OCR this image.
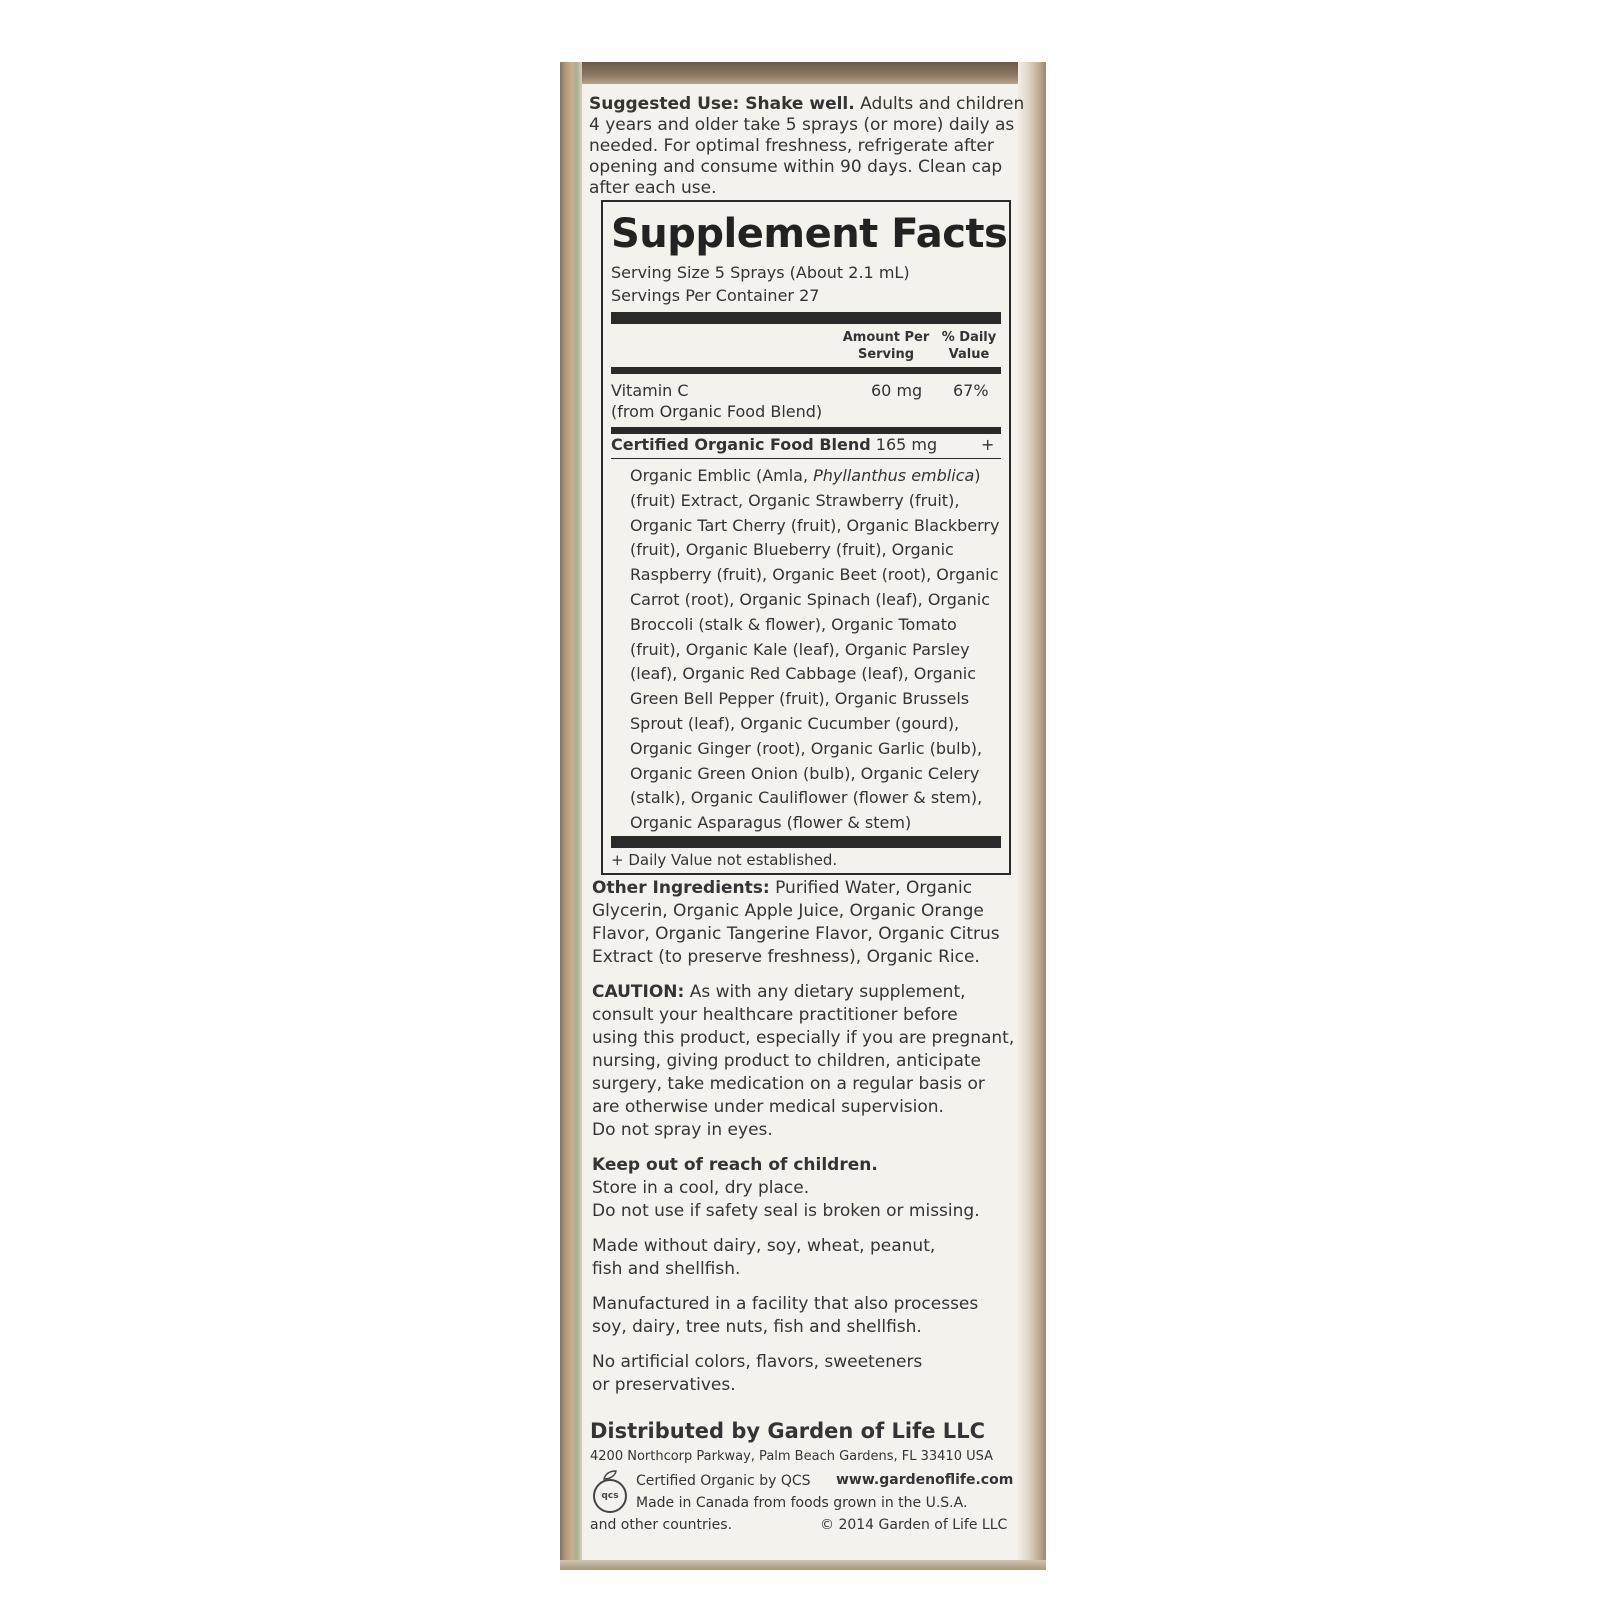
Suggested Use: Shake well. Adults and children
4 years and older take 5 sprays (or more) daily as
needed. For optimal freshness, refrigerate after
opening and consume within 90 days. Clean cap
after each use.
Supplement Facts
Serving Size 5 Sprays (About 2.1 mL)
Servings Per Container 27
Amount Per
Serving
% Daily
Value
Vitamin C
(from Organic Food Blend)
60 mg 67%
Certified Organic Food Blend 165 mg	+
Organic Emblic (Amla, Phyllanthus emblica)
(fruit) Extract, Organic Strawberry (fruit),
Organic Tart Cherry (fruit), Organic Blackberry
(fruit), Organic Blueberry (fruit), Organic
Raspberry (fruit), Organic Beet (root), Organic
Carrot (root), Organic Spinach (leaf), Organic
Broccoli (stalk & flower), Organic Tomato
(fruit), Organic Kale (leaf), Organic Parsley
(leaf), Organic Red Cabbage (leaf), Organic
Green Bell Pepper (fruit), Organic Brussels
Sprout (leaf), Organic Cucumber (gourd),
Organic Ginger (root), Organic Garlic (bulb),
Organic Green Onion (bulb), Organic Celery
(stalk), Organic Cauliflower (flower & stem),
Organic Asparagus (flower & stem)
+ Daily Value not established.
Other Ingredients: Purified Water, Organic
Glycerin, Organic Apple Juice, Organic Orange
Flavor, Organic Tangerine Flavor, Organic Citrus
Extract (to preserve freshness), Organic Rice.
CAUTION: As with any dietary supplement,
consult your healthcare practitioner before
using this product, especially if you are pregnant,
nursing, giving product to children, anticipate
surgery, take medication on a regular basis or
are otherwise under medical supervision.
Do not spray in eyes.
Keep out of reach of children.
Store in a cool, dry place.
Do not use if safety seal is broken or missing.
Made without dairy, soy, wheat, peanut,
fish and shellfish.
Manufactured in a facility that also processes
soy, dairy, tree nuts, fish and shellfish.
No artificial colors, flavors, sweeteners
or preservatives.
Distributed by Garden of Life LLC
4200 Northcorp Parkway, Palm Beach Gardens, FL 33410 USA
qcs
Certified Organic by QCS www.gardenoflife.com
Made in Canada from foods grown in the U.S.A.
and other countries.	© 2014 Garden of Life LLC
